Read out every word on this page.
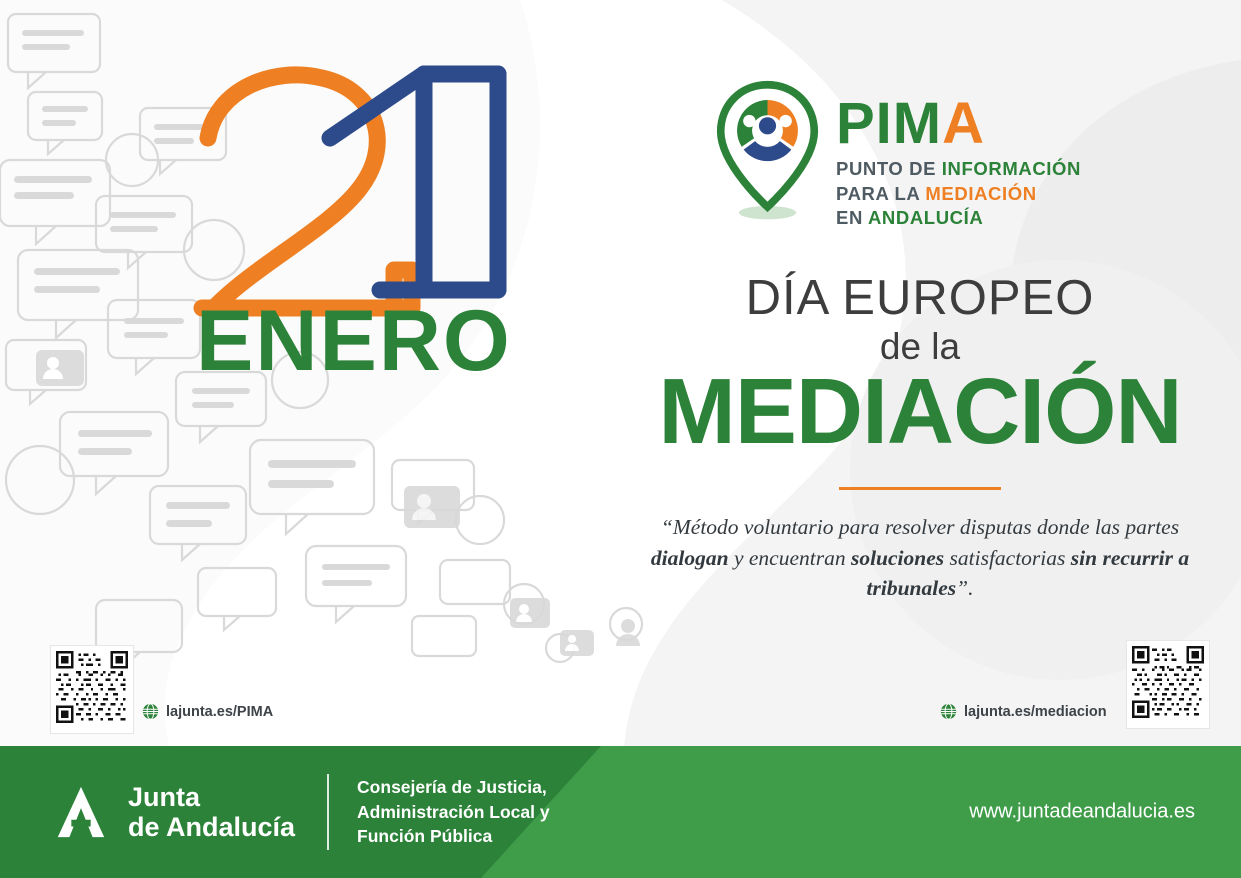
ENERO
PIMA
PUNTO DE INFORMACIÓN
PARA LA MEDIACIÓN
EN ANDALUCÍA
DÍA EUROPEO
de la
MEDIACIÓN
“Método voluntario para resolver disputas donde las partes dialogan y encuentran soluciones satisfactorias sin recurrir a tribunales”.
lajunta.es/PIMA	lajunta.es/mediacion
Junta
de Andalucía
Consejería de Justicia,
Administración Local y
Función Pública
www.juntadeandalucia.es
